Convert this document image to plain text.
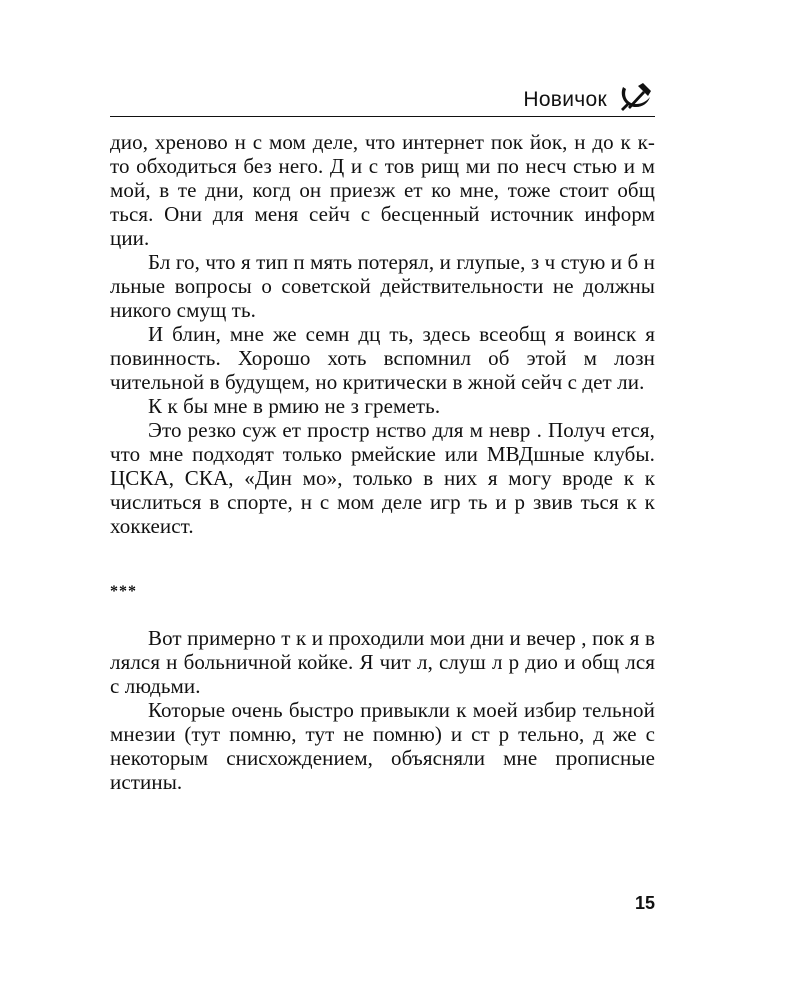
Новичок

дио, хреново н с мом деле, что интернет пок йок, н до к к-то обходиться без него. Д и с тов рищ ми по несч стью и м мой, в те дни, когд он приезж ет ко мне, тоже стоит общ ться. Они для меня сейч с бесценный источник информ ции.

Бл го, что я тип п мять потерял, и глупые, з ч стую и б н льные вопросы о советской действительности не должны никого смущ ть.

И блин, мне же семн дц ть, здесь всеобщ я воинск я повинность. Хорошо хоть вспомнил об этой м лозн чительной в будущем, но критически в жной сейч с дет ли.

К к бы мне в рмию не з греметь.

Это резко суж ет простр нство для м невр . Получ ется, что мне подходят только рмейские или МВДшные клубы. ЦСКА, СКА, «Дин мо», только в них я могу вроде к к числиться в спорте, н с мом деле игр ть и р звив ться к к хоккеист.

***

Вот примерно т к и проходили мои дни и вечер , пок я в лялся н больничной койке. Я чит л, слуш л р дио и общ лся с людьми.

Которые очень быстро привыкли к моей избир тельной мнезии (тут помню, тут не помню) и ст р тельно, д же с некоторым снисхождением, объясняли мне прописные истины.

15
